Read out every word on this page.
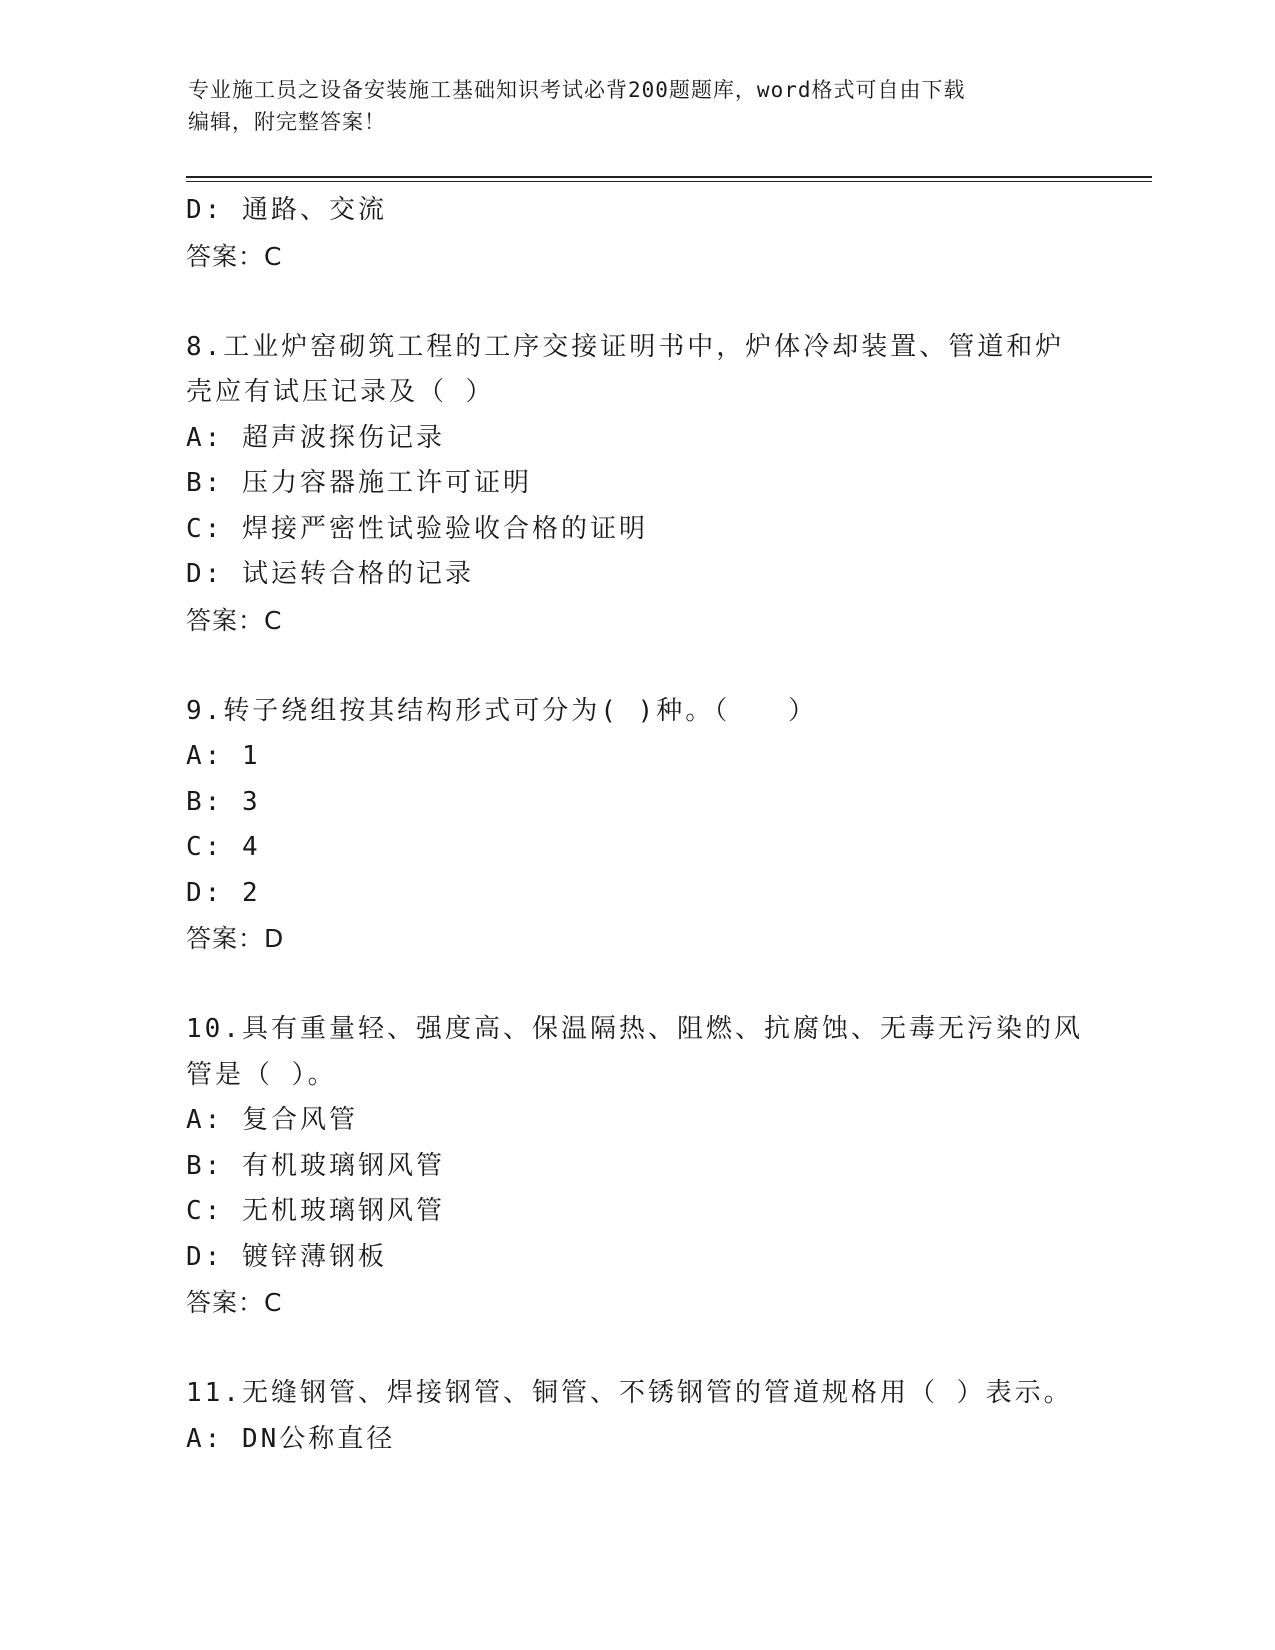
专业施工员之设备安装施工基础知识考试必背200题题库，word格式可自由下载
编辑，附完整答案！
D: 通路、交流
答案：C
8.工业炉窑砌筑工程的工序交接证明书中，炉体冷却装置、管道和炉
壳应有试压记录及（ ）
A: 超声波探伤记录
B: 压力容器施工许可证明
C: 焊接严密性试验验收合格的证明
D: 试运转合格的记录
答案：C
9.转子绕组按其结构形式可分为( )种。（　　）
A: 1
B: 3
C: 4
D: 2
答案：D
10.具有重量轻、强度高、保温隔热、阻燃、抗腐蚀、无毒无污染的风
管是（ ）。
A: 复合风管
B: 有机玻璃钢风管
C: 无机玻璃钢风管
D: 镀锌薄钢板
答案：C
11.无缝钢管、焊接钢管、铜管、不锈钢管的管道规格用（ ）表示。
A: DN公称直径
